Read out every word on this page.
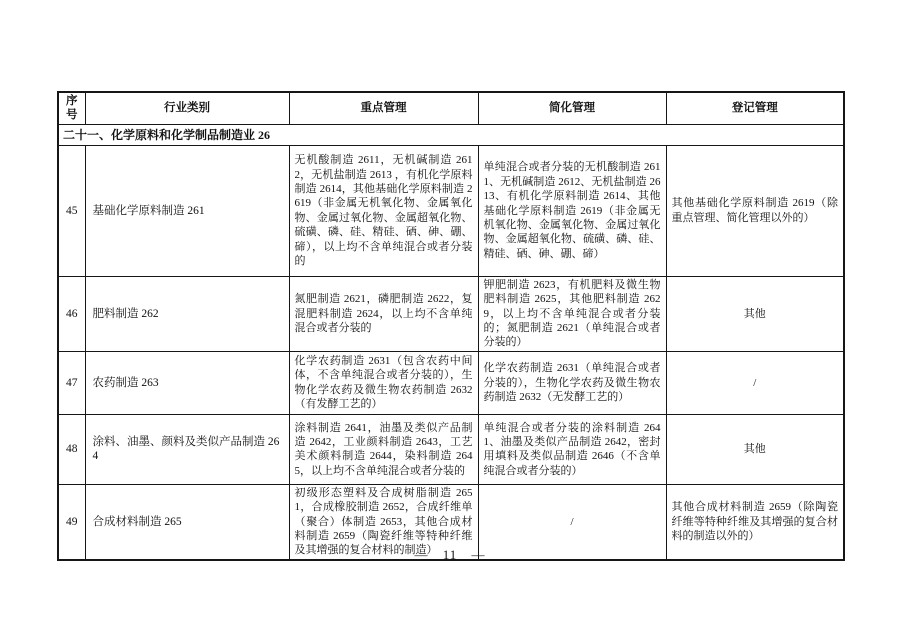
序号	行业类别	重点管理	简化管理	登记管理
二十一、化学原料和化学制品制造业 26				
45	基础化学原料制造 261	无机酸制造 2611，无机碱制造 2612，无机盐制造 2613 ，有机化学原料制造 2614，其他基础化学原料制造 2619（非金属无机氧化物、金属氧化物、金属过氧化物、金属超氧化物、硫磺、磷、硅、精硅、硒、砷、硼、碲），以上均不含单纯混合或者分装的	单纯混合或者分装的无机酸制造 2611、无机碱制造 2612、无机盐制造 2613、有机化学原料制造 2614、其他基础化学原料制造 2619（非金属无机氧化物、金属氧化物、金属过氧化物、金属超氧化物、硫磺、磷、硅、精硅、硒、砷、硼、碲）	其他基础化学原料制造 2619（除重点管理、简化管理以外的）
46	肥料制造 262	氮肥制造 2621，磷肥制造 2622，复混肥料制造 2624，以上均不含单纯混合或者分装的	钾肥制造 2623，有机肥料及微生物肥料制造 2625，其他肥料制造 2629，以上均不含单纯混合或者分装的；氮肥制造 2621（单纯混合或者分装的）	其他
47	农药制造 263	化学农药制造 2631（包含农药中间体，不含单纯混合或者分装的），生物化学农药及微生物农药制造 2632（有发酵工艺的）	化学农药制造 2631（单纯混合或者分装的），生物化学农药及微生物农药制造 2632（无发酵工艺的）	/
48	涂料、油墨、颜料及类似产品制造 264	涂料制造 2641，油墨及类似产品制造 2642，工业颜料制造 2643，工艺美术颜料制造 2644，染料制造 2645，以上均不含单纯混合或者分装的	单纯混合或者分装的涂料制造 2641、油墨及类似产品制造 2642，密封用填料及类似品制造 2646（不含单纯混合或者分装的）	其他
49	合成材料制造 265	初级形态塑料及合成树脂制造 2651，合成橡胶制造 2652，合成纤维单（聚合）体制造 2653，其他合成材料制造 2659（陶瓷纤维等特种纤维及其增强的复合材料的制造）	/	其他合成材料制造 2659（除陶瓷纤维等特种纤维及其增强的复合材料的制造以外的）
— 11 —
